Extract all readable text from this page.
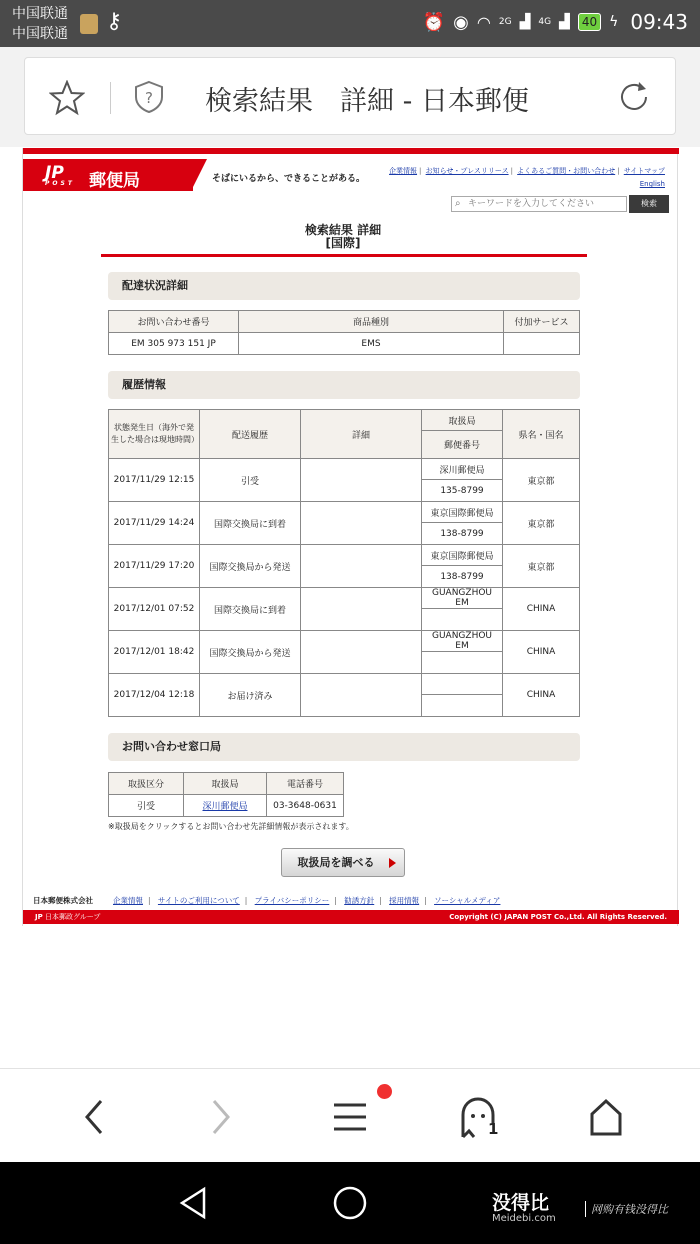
中国联通
中国联通 ⚷	⏰ ◉ ◠ 2G ▟ 4G ▟	40 ϟ 09:43
? 検索結果　詳細 - 日本郵便
JP
POST 郵便局	そばにいるから、できることがある。
企業情報 | お知らせ・プレスリリース | よくあるご質問・お問い合わせ | サイトマップ
English
⌕ キーワードを入力してください	検索
検索結果 詳細
[国際]
配達状況詳細
お問い合わせ番号	商品種別	付加サービス
EM 305 973 151 JP	EMS	
履歴情報
状態発生日（海外で発生した場合は現地時間）	配送履歴	詳細	取扱局	県名・国名
			郵便番号	
2017/11/29 12:15	引受		深川郵便局	東京都
			135-8799	
2017/11/29 14:24	国際交換局に到着		東京国際郵便局	東京都
			138-8799	
2017/11/29 17:20	国際交換局から発送		東京国際郵便局	東京都
			138-8799	
2017/12/01 07:52	国際交換局に到着		GUANGZHOU EM	CHINA

2017/12/01 18:42	国際交換局から発送		GUANGZHOU EM	CHINA

2017/12/04 12:18	お届け済み			CHINA

お問い合わせ窓口局
取扱区分	取扱局	電話番号
引受	深川郵便局	03-3648-0631
※取扱局をクリックするとお問い合わせ先詳細情報が表示されます。
取扱局を調べる
日本郵便株式会社	企業情報 | サイトのご利用について | プライバシーポリシー | 勧誘方針 | 採用情報 | ソーシャルメディア
JP 日本郵政グループ	Copyright (C) JAPAN POST Co.,Ltd. All Rights Reserved.
1
没得比
Meidebi.com
网购有钱没得比
